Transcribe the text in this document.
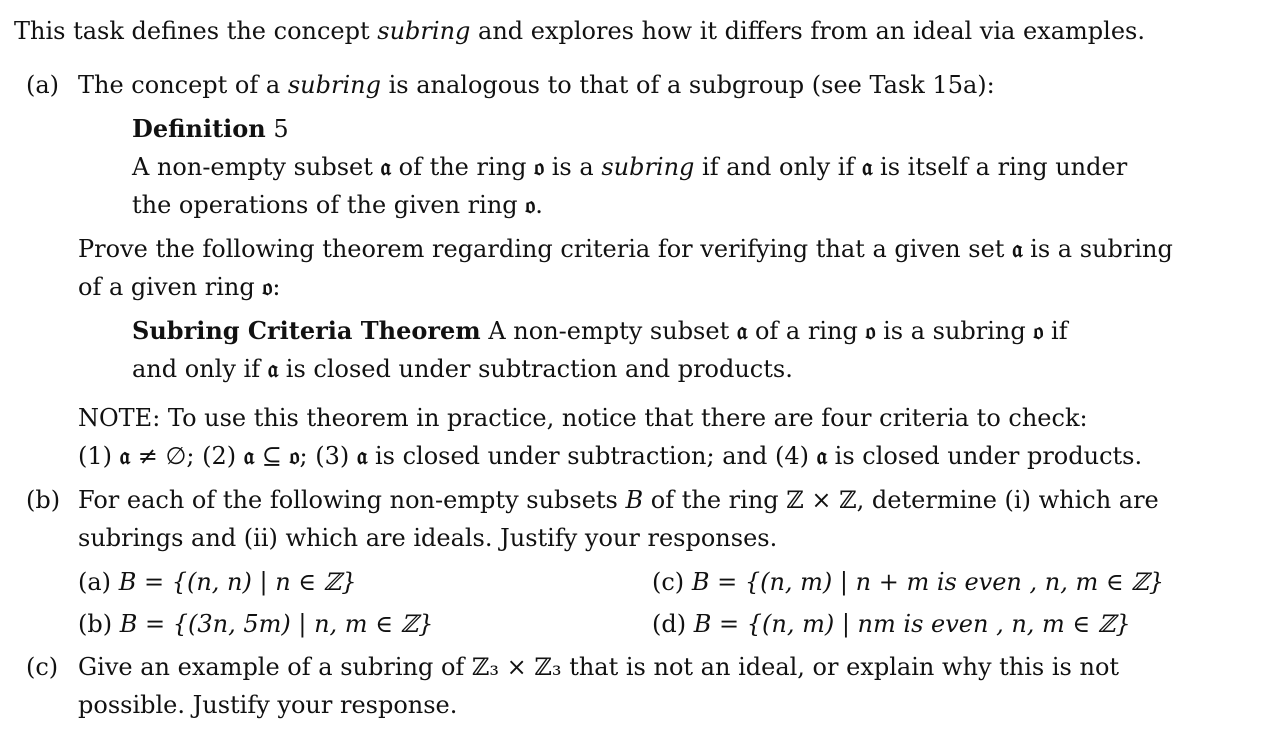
This task defines the concept subring and explores how it differs from an ideal via examples.
(a) The concept of a subring is analogous to that of a subgroup (see Task 15a):
Definition 5
A non-empty subset 𝔞 of the ring 𝔬 is a subring if and only if 𝔞 is itself a ring under
the operations of the given ring 𝔬.
Prove the following theorem regarding criteria for verifying that a given set 𝔞 is a subring
of a given ring 𝔬:
Subring Criteria Theorem A non-empty subset 𝔞 of a ring 𝔬 is a subring 𝔬 if
and only if 𝔞 is closed under subtraction and products.
NOTE: To use this theorem in practice, notice that there are four criteria to check:
(1) 𝔞 ≠ ∅; (2) 𝔞 ⊆ 𝔬; (3) 𝔞 is closed under subtraction; and (4) 𝔞 is closed under products.
(b) For each of the following non-empty subsets B of the ring ℤ × ℤ, determine (i) which are
subrings and (ii) which are ideals. Justify your responses.
(a) B = {(n, n) | n ∈ ℤ}
(b) B = {(3n, 5m) | n, m ∈ ℤ}
(c) B = {(n, m) | n + m is even , n, m ∈ ℤ}
(d) B = {(n, m) | nm is even , n, m ∈ ℤ}
(c) Give an example of a subring of ℤ₃ × ℤ₃ that is not an ideal, or explain why this is not
possible. Justify your response.
